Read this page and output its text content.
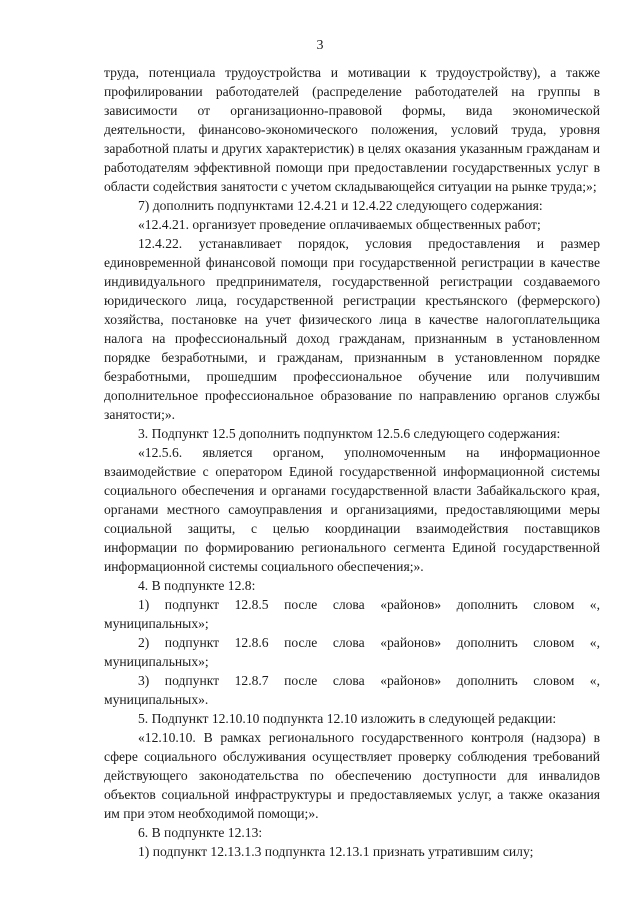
3

труда, потенциала трудоустройства и мотивации к трудоустройству), а также профилировании работодателей (распределение работодателей на группы в зависимости от организационно-правовой формы, вида экономической деятельности, финансово-экономического положения, условий труда, уровня заработной платы и других характеристик) в целях оказания указанным гражданам и работодателям эффективной помощи при предоставлении государственных услуг в области содействия занятости с учетом складывающейся ситуации на рынке труда;»;

7) дополнить подпунктами 12.4.21 и 12.4.22 следующего содержания:

«12.4.21. организует проведение оплачиваемых общественных работ;

12.4.22. устанавливает порядок, условия предоставления и размер единовременной финансовой помощи при государственной регистрации в качестве индивидуального предпринимателя, государственной регистрации создаваемого юридического лица, государственной регистрации крестьянского (фермерского) хозяйства, постановке на учет физического лица в качестве налогоплательщика налога на профессиональный доход гражданам, признанным в установленном порядке безработными, и гражданам, признанным в установленном порядке безработными, прошедшим профессиональное обучение или получившим дополнительное профессиональное образование по направлению органов службы занятости;».

3. Подпункт 12.5 дополнить подпунктом 12.5.6 следующего содержания:

«12.5.6. является органом, уполномоченным на информационное взаимодействие с оператором Единой государственной информационной системы социального обеспечения и органами государственной власти Забайкальского края, органами местного самоуправления и организациями, предоставляющими меры социальной защиты, с целью координации взаимодействия поставщиков информации по формированию регионального сегмента Единой государственной информационной системы социального обеспечения;».

4. В подпункте 12.8:

1) подпункт 12.8.5 после слова «районов» дополнить словом «, муниципальных»;

2) подпункт 12.8.6 после слова «районов» дополнить словом «, муниципальных»;

3) подпункт 12.8.7 после слова «районов» дополнить словом «, муниципальных».

5. Подпункт 12.10.10 подпункта 12.10 изложить в следующей редакции:

«12.10.10. В рамках регионального государственного контроля (надзора) в сфере социального обслуживания осуществляет проверку соблюдения требований действующего законодательства по обеспечению доступности для инвалидов объектов социальной инфраструктуры и предоставляемых услуг, а также оказания им при этом необходимой помощи;».

6. В подпункте 12.13:

1) подпункт 12.13.1.3 подпункта 12.13.1 признать утратившим силу;
